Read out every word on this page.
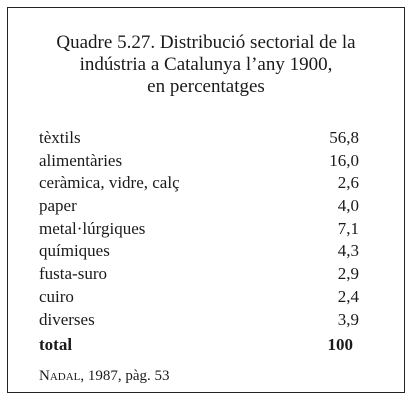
Quadre 5.27. Distribució sectorial de la
indústria a Catalunya l’any 1900,
en percentatges
tèxtils	56,8
alimentàries	16,0
ceràmica, vidre, calç	2,6
paper	4,0
metal·lúrgiques	7,1
químiques	4,3
fusta-suro	2,9
cuiro	2,4
diverses	3,9
total	100
Nadal, 1987, pàg. 53
